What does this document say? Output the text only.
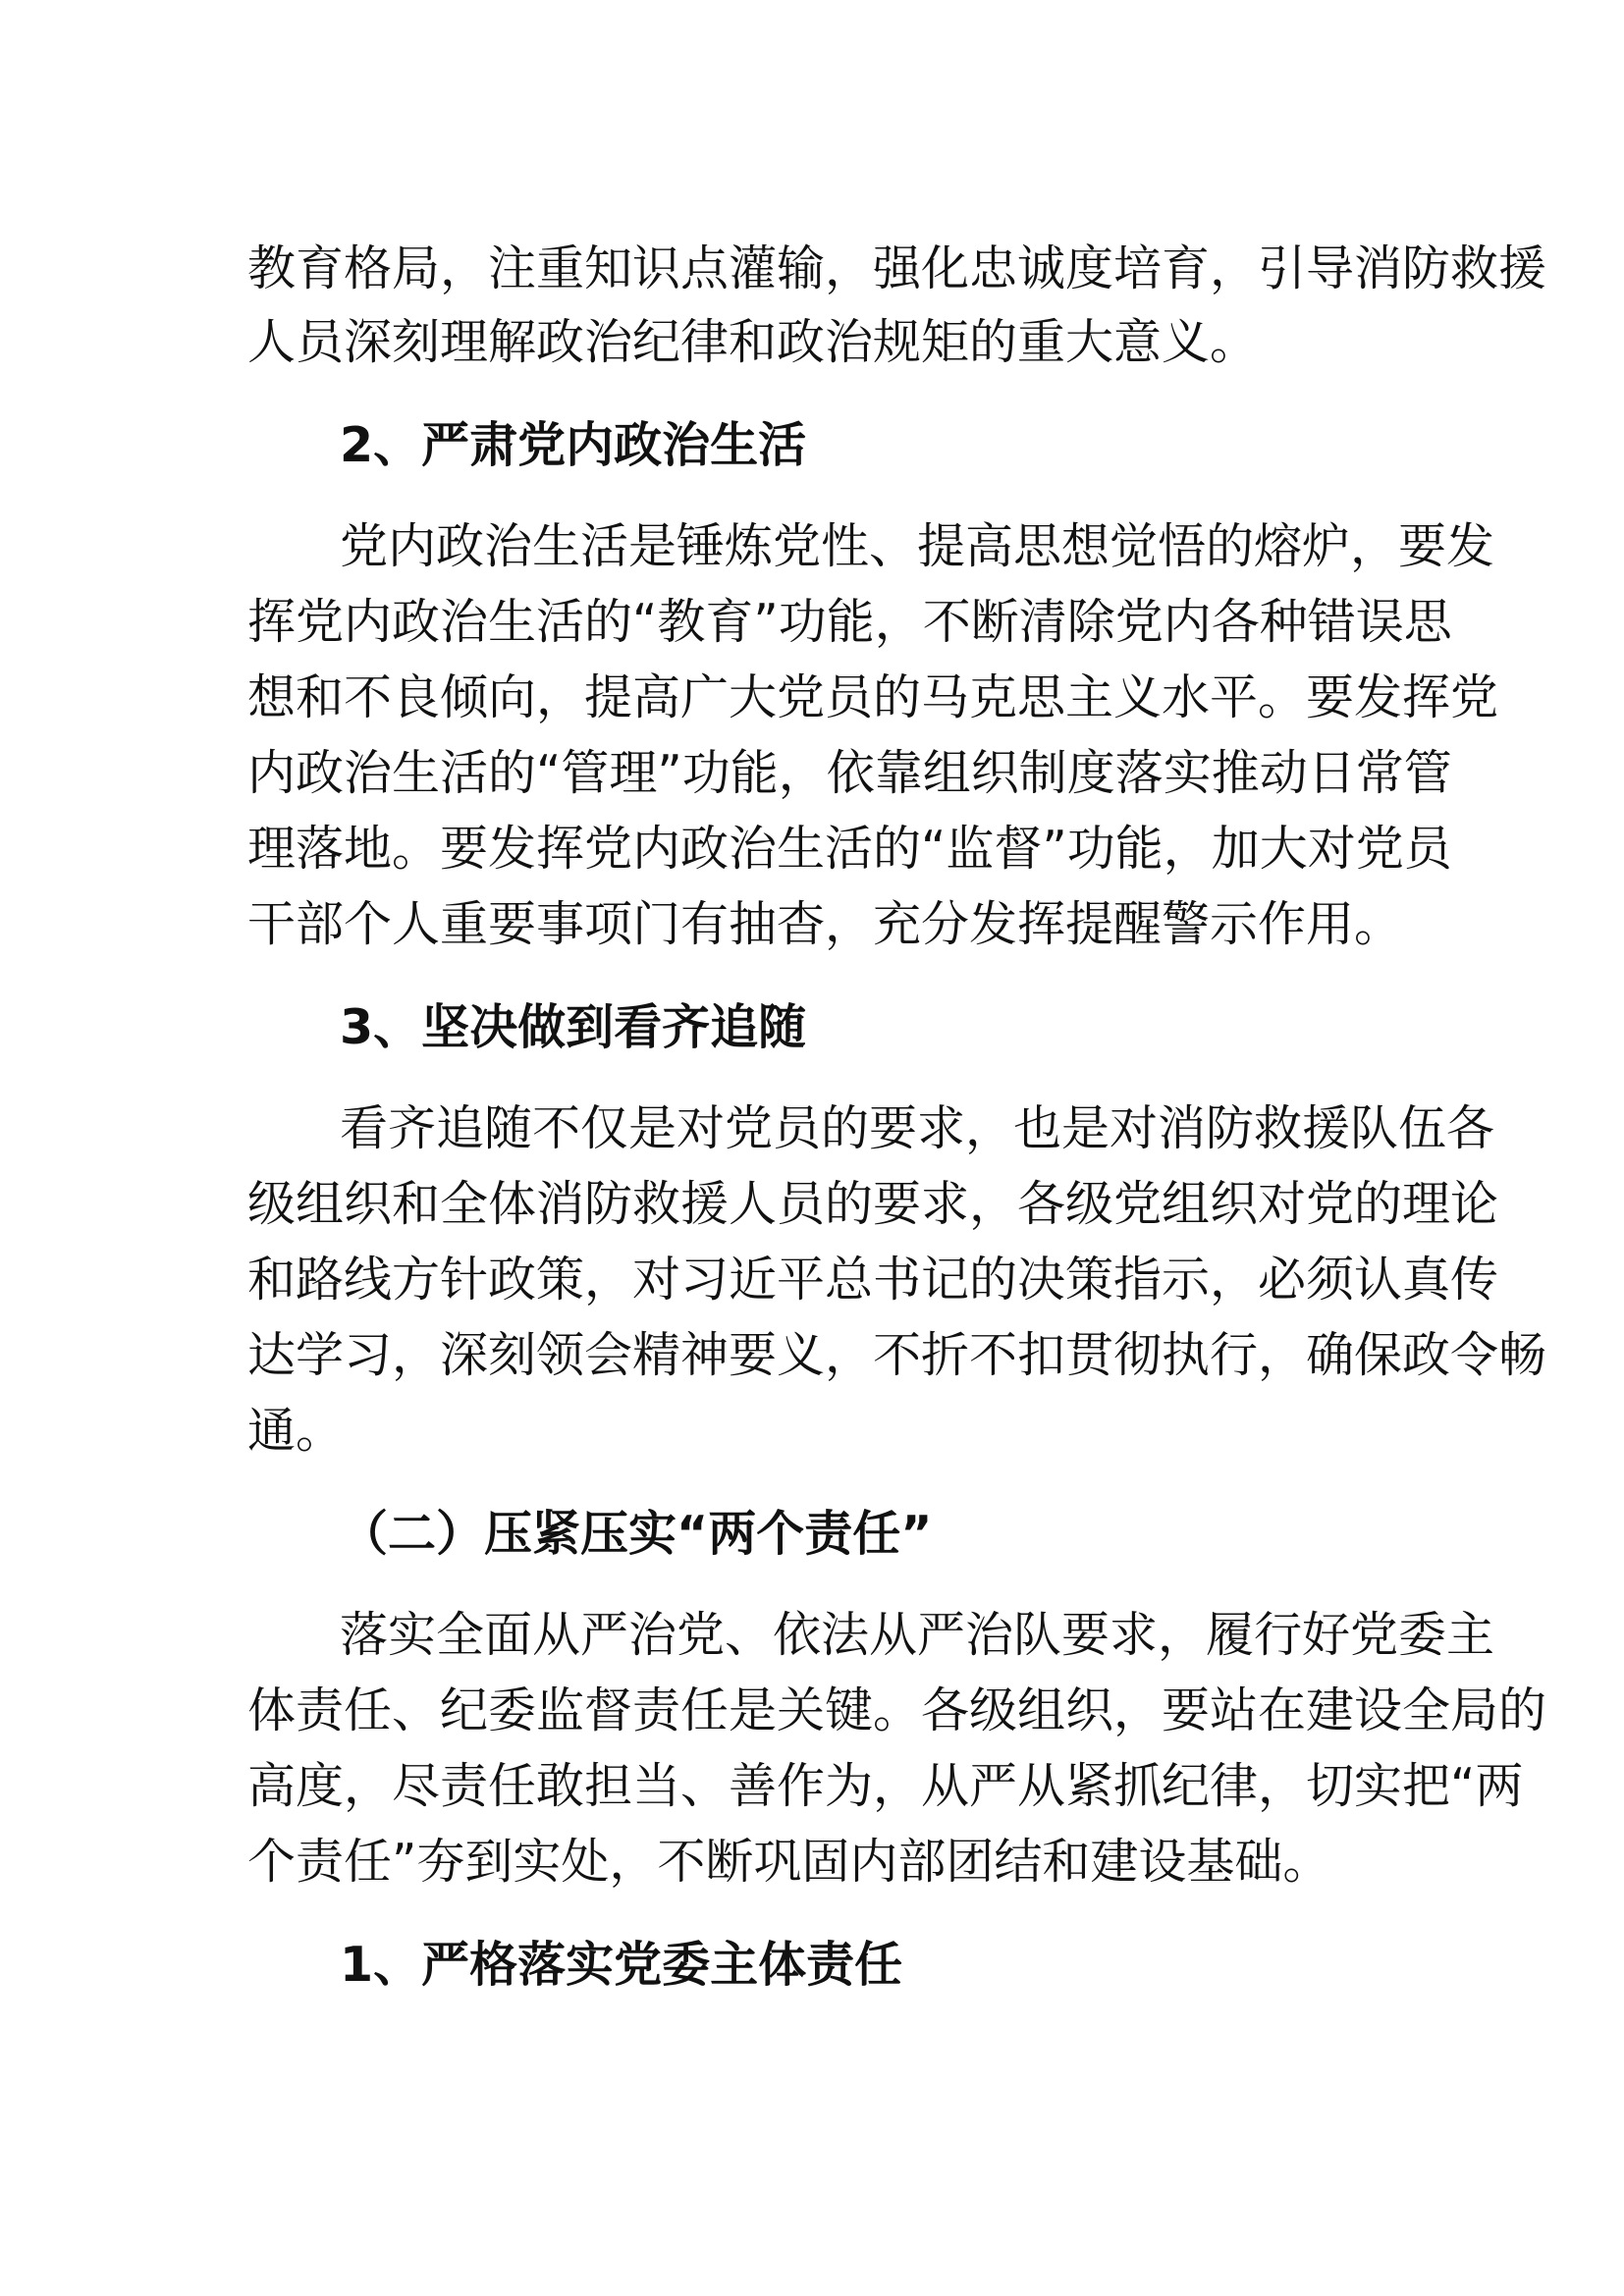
教育格局，注重知识点灌输，强化忠诚度培育，引导消防救援
人员深刻理解政治纪律和政治规矩的重大意义。
2、严肃党内政治生活
党内政治生活是锤炼党性、提高思想觉悟的熔炉，要发
挥党内政治生活的“教育”功能，不断清除党内各种错误思
想和不良倾向，提高广大党员的马克思主义水平。要发挥党
内政治生活的“管理”功能，依靠组织制度落实推动日常管
理落地。要发挥党内政治生活的“监督”功能，加大对党员
干部个人重要事项门有抽杳，充分发挥提醒警示作用。
3、坚决做到看齐追随
看齐追随不仅是对党员的要求，也是对消防救援队伍各
级组织和全体消防救援人员的要求，各级党组织对党的理论
和路线方针政策，对习近平总书记的决策指示，必须认真传
达学习，深刻领会精神要义，不折不扣贯彻执行，确保政令畅
通。
（二）压紧压实“两个责任”
落实全面从严治党、依法从严治队要求，履行好党委主
体责任、纪委监督责任是关键。各级组织，要站在建设全局的
高度，尽责任敢担当、善作为，从严从紧抓纪律，切实把“两
个责任”夯到实处，不断巩固内部团结和建设基础。
1、严格落实党委主体责任
